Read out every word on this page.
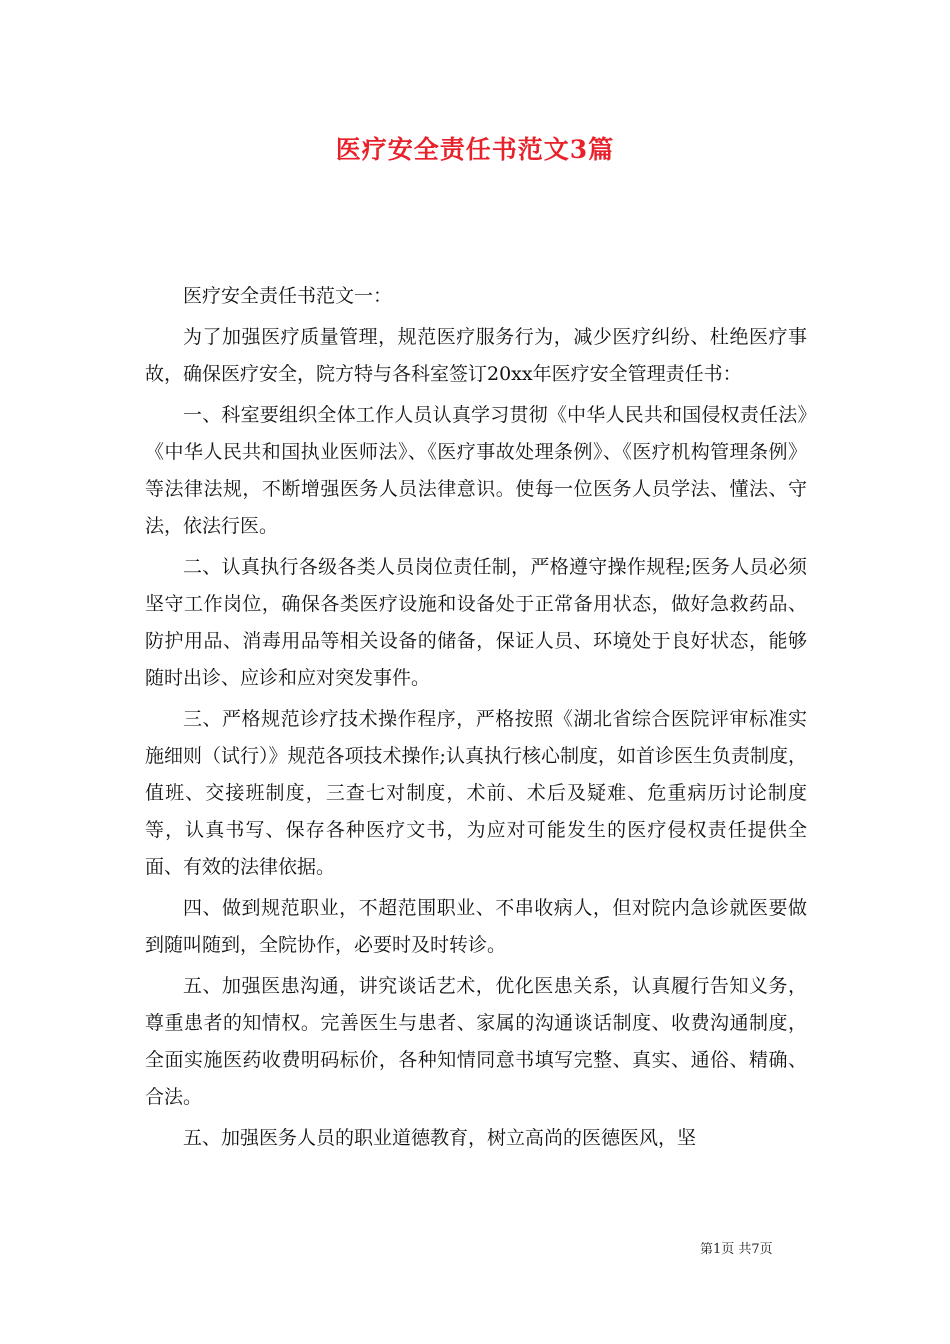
医疗安全责任书范文3篇

医疗安全责任书范文一：

为了加强医疗质量管理，规范医疗服务行为，减少医疗纠纷、杜绝医疗事故，确保医疗安全，院方特与各科室签订20xx年医疗安全管理责任书：

一、科室要组织全体工作人员认真学习贯彻《中华人民共和国侵权责任法》《中华人民共和国执业医师法》、《医疗事故处理条例》、《医疗机构管理条例》等法律法规，不断增强医务人员法律意识。使每一位医务人员学法、懂法、守法，依法行医。

二、认真执行各级各类人员岗位责任制，严格遵守操作规程;医务人员必须坚守工作岗位，确保各类医疗设施和设备处于正常备用状态，做好急救药品、防护用品、消毒用品等相关设备的储备，保证人员、环境处于良好状态，能够随时出诊、应诊和应对突发事件。

三、严格规范诊疗技术操作程序，严格按照《湖北省综合医院评审标准实施细则（试行）》规范各项技术操作;认真执行核心制度，如首诊医生负责制度，值班、交接班制度，三查七对制度，术前、术后及疑难、危重病历讨论制度等，认真书写、保存各种医疗文书，为应对可能发生的医疗侵权责任提供全面、有效的法律依据。

四、做到规范职业，不超范围职业、不串收病人，但对院内急诊就医要做到随叫随到，全院协作，必要时及时转诊。

五、加强医患沟通，讲究谈话艺术，优化医患关系，认真履行告知义务，尊重患者的知情权。完善医生与患者、家属的沟通谈话制度、收费沟通制度，全面实施医药收费明码标价，各种知情同意书填写完整、真实、通俗、精确、合法。

五、加强医务人员的职业道德教育，树立高尚的医德医风，坚

第1页 共7页
